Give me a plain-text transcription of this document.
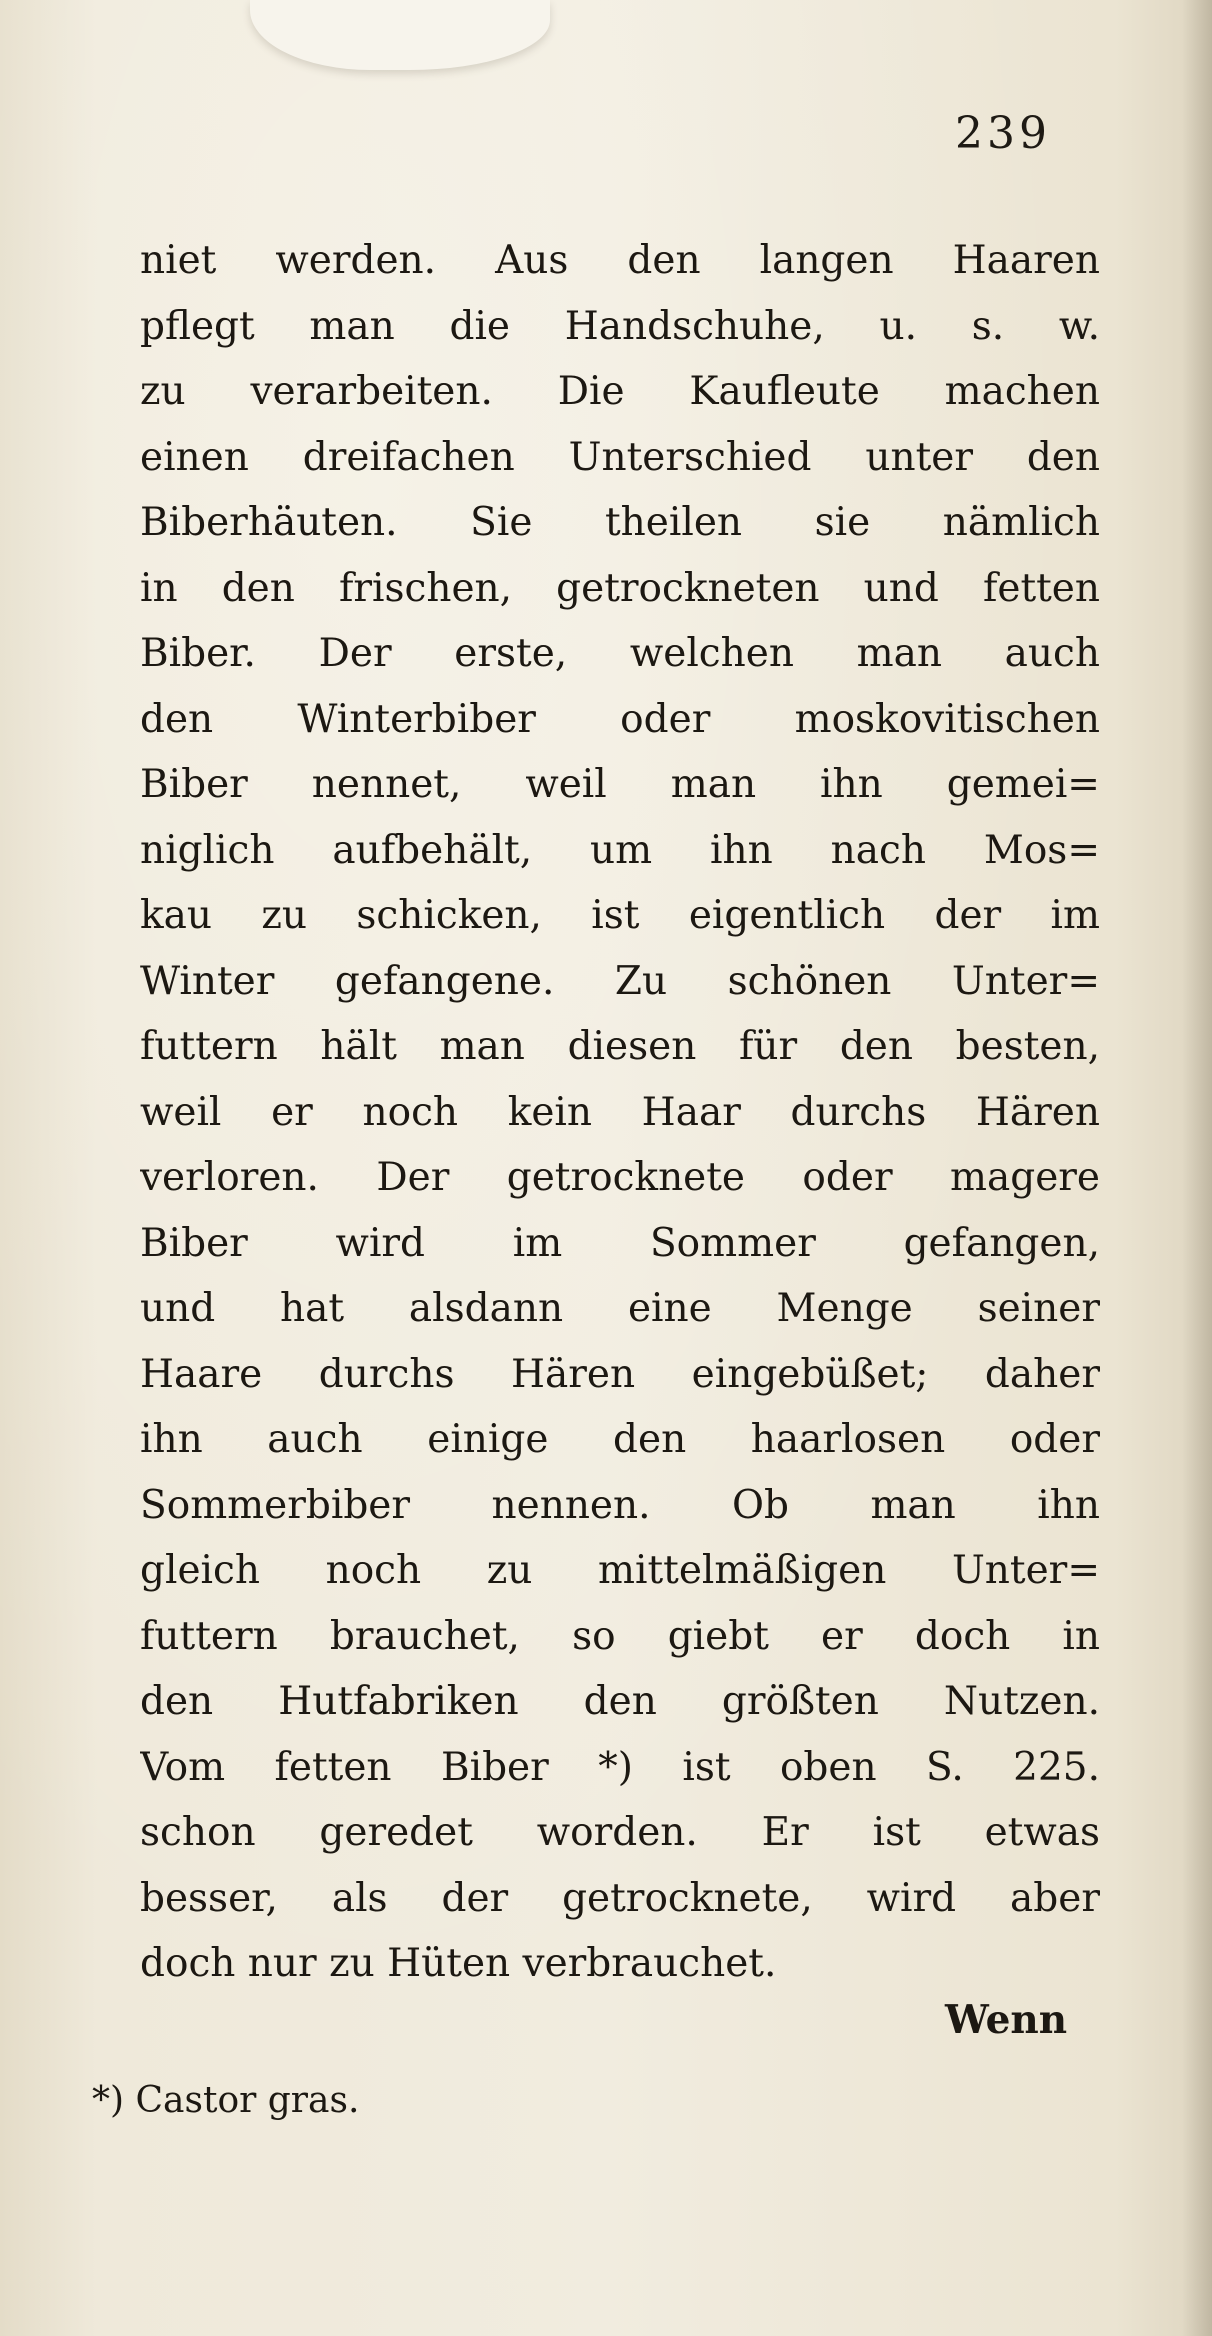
239
niet werden. Aus den langen Haaren
pflegt man die Handschuhe, u. s. w.
zu verarbeiten. Die Kaufleute machen
einen dreifachen Unterschied unter den
Biberhäuten. Sie theilen sie nämlich
in den frischen, getrockneten und fetten
Biber. Der erste, welchen man auch
den Winterbiber oder moskovitischen
Biber nennet, weil man ihn gemei=
niglich aufbehält, um ihn nach Mos=
kau zu schicken, ist eigentlich der im
Winter gefangene. Zu schönen Unter=
futtern hält man diesen für den besten,
weil er noch kein Haar durchs Hären
verloren. Der getrocknete oder magere
Biber wird im Sommer gefangen,
und hat alsdann eine Menge seiner
Haare durchs Hären eingebüßet; daher
ihn auch einige den haarlosen oder
Sommerbiber nennen. Ob man ihn
gleich noch zu mittelmäßigen Unter=
futtern brauchet, so giebt er doch in
den Hutfabriken den größten Nutzen.
Vom fetten Biber *) ist oben S. 225.
schon geredet worden. Er ist etwas
besser, als der getrocknete, wird aber
doch nur zu Hüten verbrauchet.
Wenn
*) Castor gras.
